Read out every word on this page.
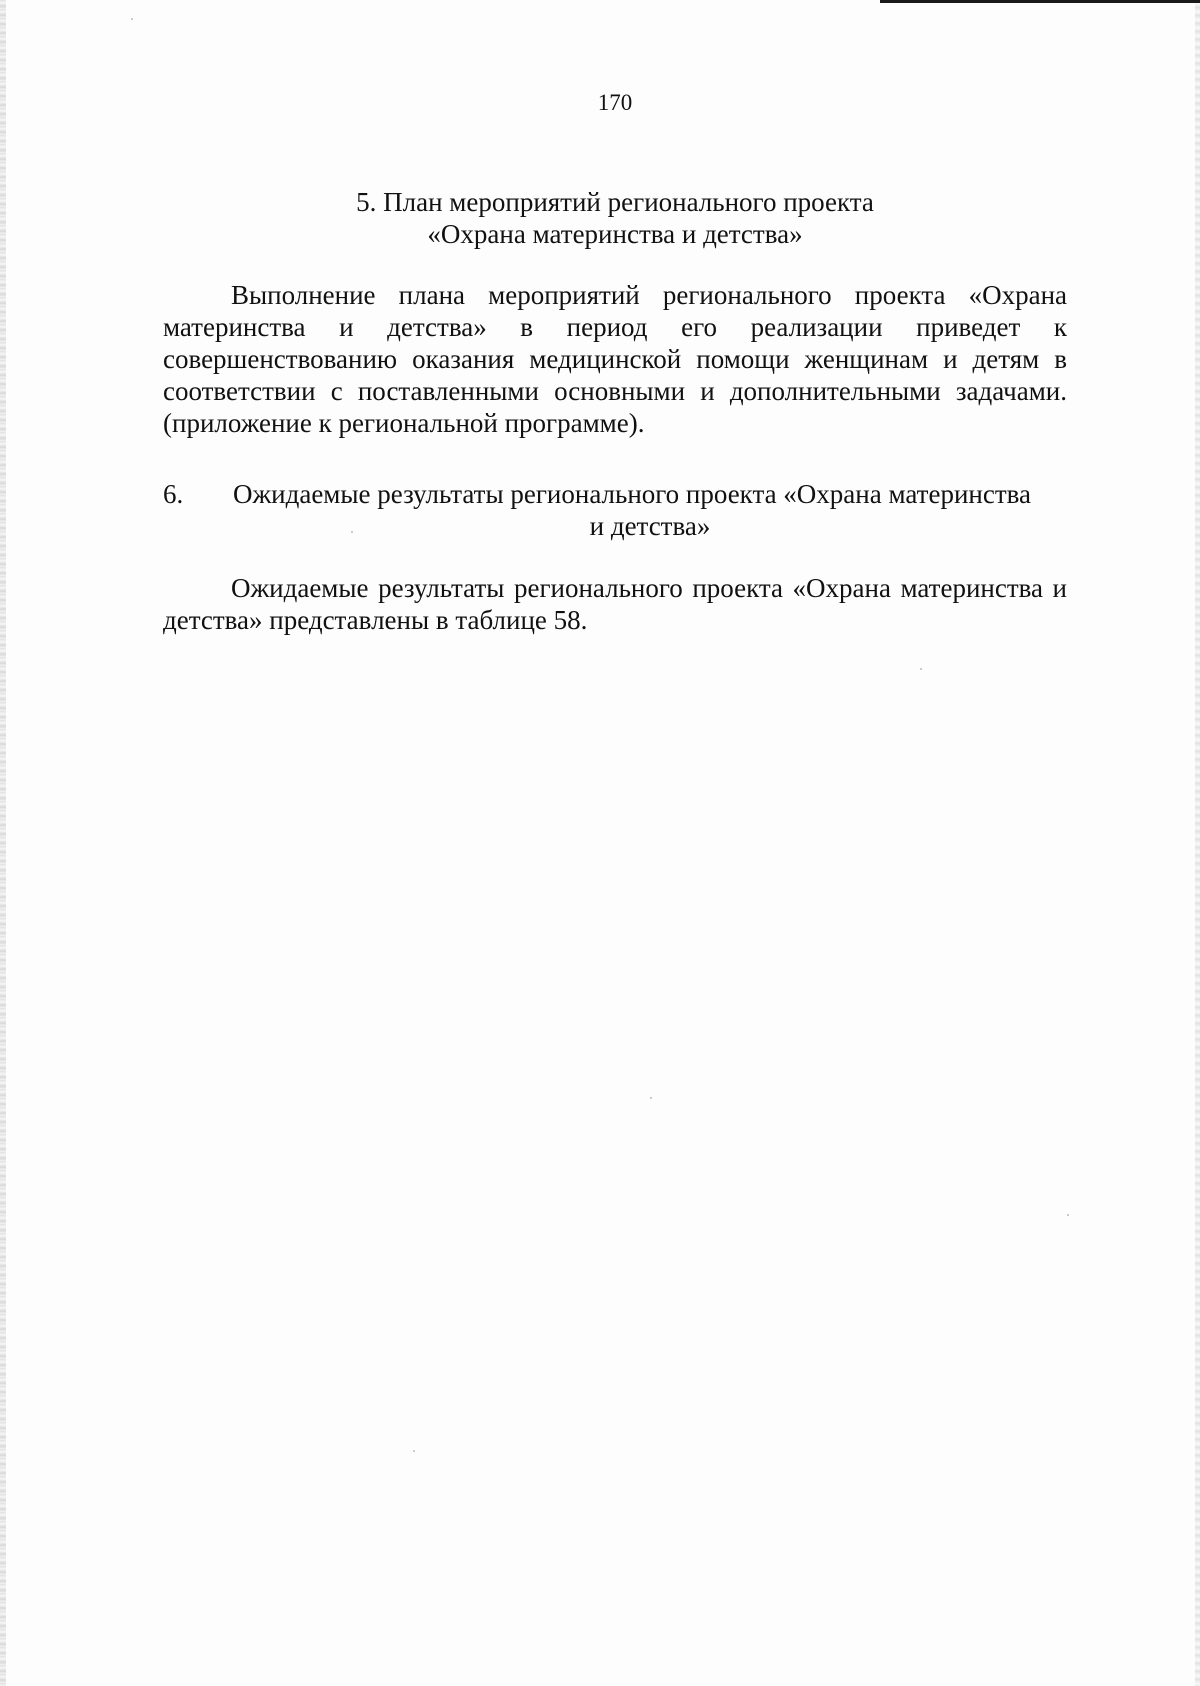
170
5. План мероприятий регионального проекта
«Охрана материнства и детства»

Выполнение плана мероприятий регионального проекта «Охрана материнства и детства» в период его реализации приведет к совершенствованию оказания медицинской помощи женщинам и детям в соответствии с поставленными основными и дополнительными задачами. (приложение к региональной программе).

6.	Ожидаемые результаты регионального проекта «Охрана материнства
и детства»

Ожидаемые результаты регионального проекта «Охрана материнства и детства» представлены в таблице 58.
